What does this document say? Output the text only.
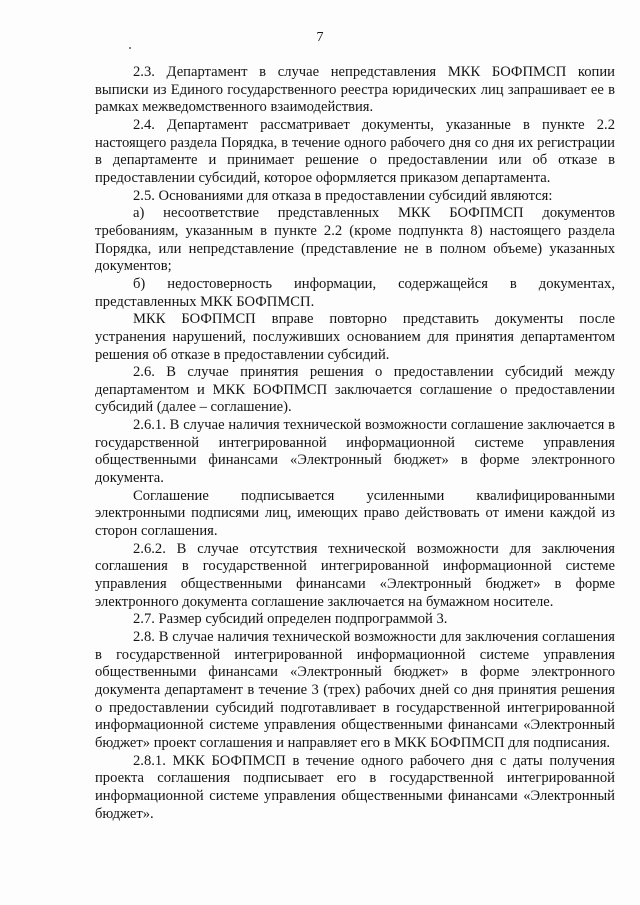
7

2.3. Департамент в случае непредставления МКК БОФПМСП копии выписки из Единого государственного реестра юридических лиц запрашивает ее в рамках межведомственного взаимодействия.

2.4. Департамент рассматривает документы, указанные в пункте 2.2 настоящего раздела Порядка, в течение одного рабочего дня со дня их регистрации в департаменте и принимает решение о предоставлении или об отказе в предоставлении субсидий, которое оформляется приказом департамента.

2.5. Основаниями для отказа в предоставлении субсидий являются:

а) несоответствие представленных МКК БОФПМСП документов требованиям, указанным в пункте 2.2 (кроме подпункта 8) настоящего раздела Порядка, или непредставление (представление не в полном объеме) указанных документов;

б) недостоверность информации, содержащейся в документах, представленных МКК БОФПМСП.

МКК БОФПМСП вправе повторно представить документы после устранения нарушений, послуживших основанием для принятия департаментом решения об отказе в предоставлении субсидий.

2.6. В случае принятия решения о предоставлении субсидий между департаментом и МКК БОФПМСП заключается соглашение о предоставлении субсидий (далее – соглашение).

2.6.1. В случае наличия технической возможности соглашение заключается в государственной интегрированной информационной системе управления общественными финансами «Электронный бюджет» в форме электронного документа.

Соглашение подписывается усиленными квалифицированными электронными подписями лиц, имеющих право действовать от имени каждой из сторон соглашения.

2.6.2. В случае отсутствия технической возможности для заключения соглашения в государственной интегрированной информационной системе управления общественными финансами «Электронный бюджет» в форме электронного документа соглашение заключается на бумажном носителе.

2.7. Размер субсидий определен подпрограммой 3.

2.8. В случае наличия технической возможности для заключения соглашения в государственной интегрированной информационной системе управления общественными финансами «Электронный бюджет» в форме электронного документа департамент в течение 3 (трех) рабочих дней со дня принятия решения о предоставлении субсидий подготавливает в государственной интегрированной информационной системе управления общественными финансами «Электронный бюджет» проект соглашения и направляет его в МКК БОФПМСП для подписания.

2.8.1. МКК БОФПМСП в течение одного рабочего дня с даты получения проекта соглашения подписывает его в государственной интегрированной информационной системе управления общественными финансами «Электронный бюджет».
